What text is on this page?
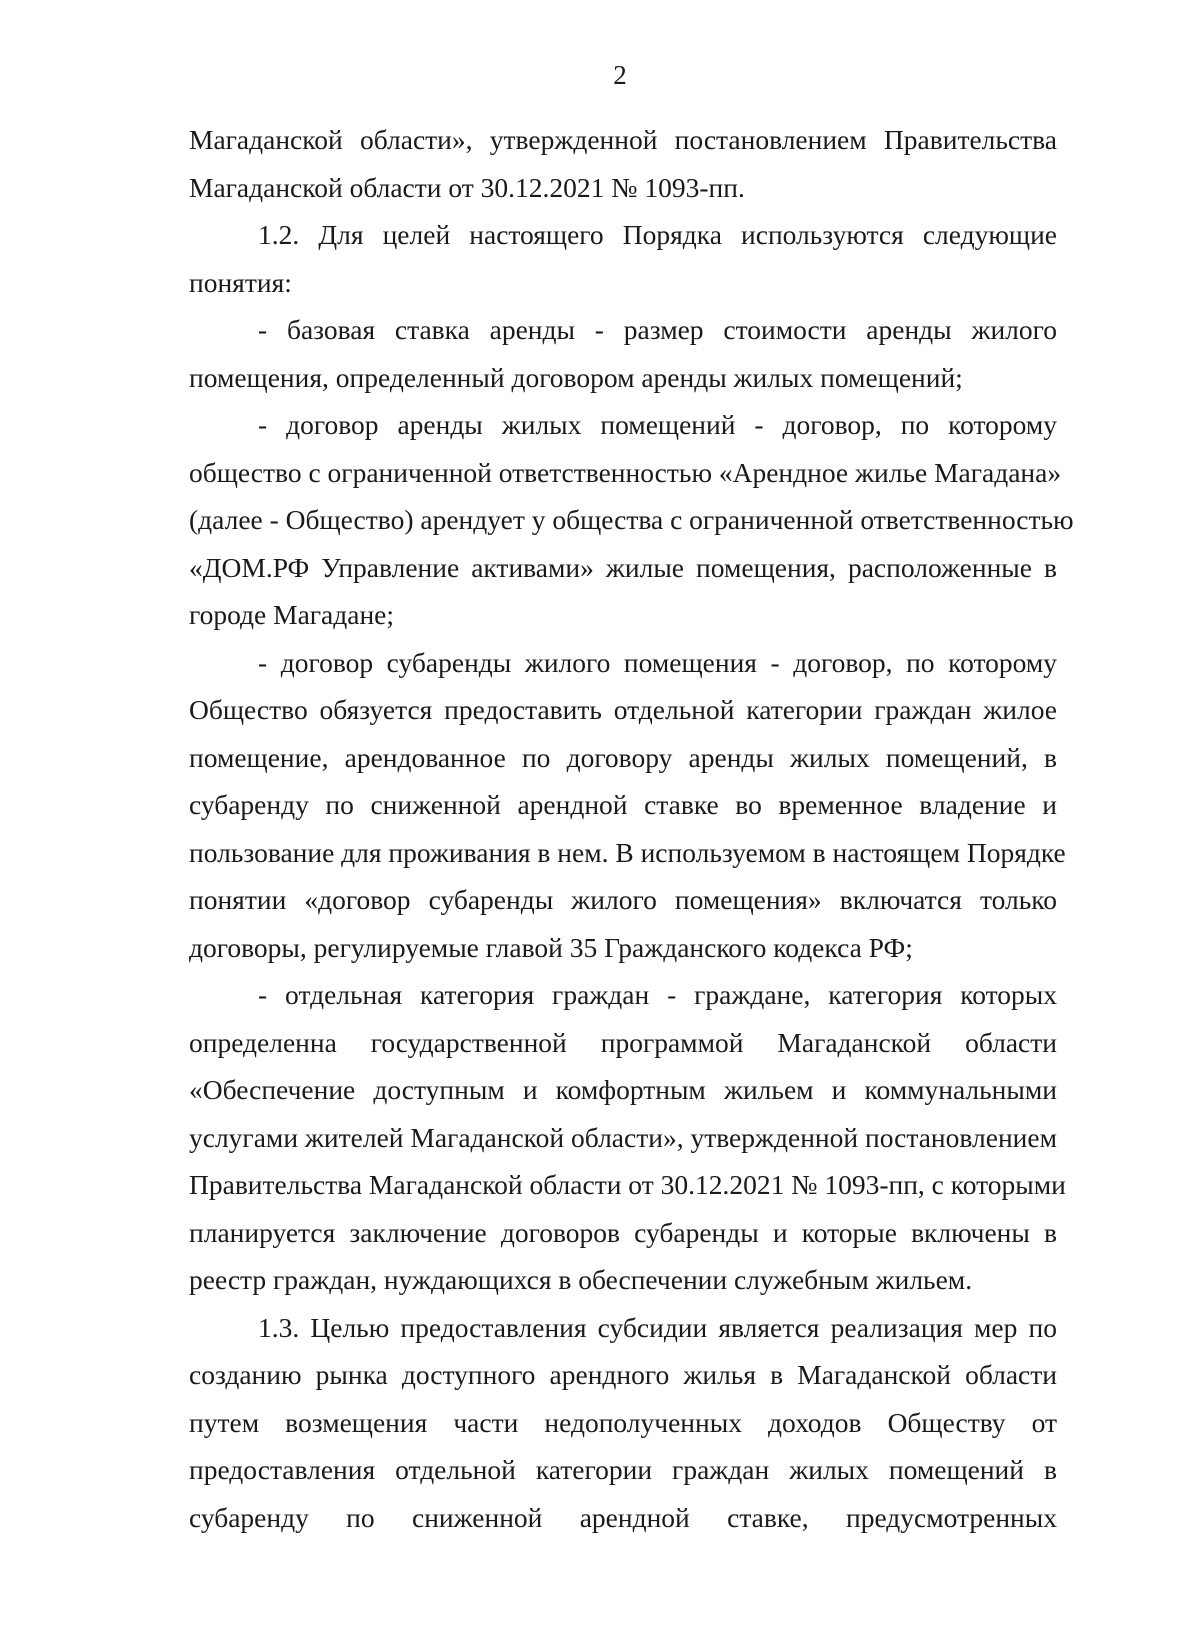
2
Магаданской области», утвержденной постановлением Правительства
Магаданской области от 30.12.2021 № 1093-пп.
1.2. Для целей настоящего Порядка используются следующие
понятия:
- базовая ставка аренды - размер стоимости аренды жилого
помещения, определенный договором аренды жилых помещений;
- договор аренды жилых помещений - договор, по которому
общество с ограниченной ответственностью «Арендное жилье Магадана»
(далее - Общество) арендует у общества с ограниченной ответственностью
«ДОМ.РФ Управление активами» жилые помещения, расположенные в
городе Магадане;
- договор субаренды жилого помещения - договор, по которому
Общество обязуется предоставить отдельной категории граждан жилое
помещение, арендованное по договору аренды жилых помещений, в
субаренду по сниженной арендной ставке во временное владение и
пользование для проживания в нем. В используемом в настоящем Порядке
понятии «договор субаренды жилого помещения» включатся только
договоры, регулируемые главой 35 Гражданского кодекса РФ;
- отдельная категория граждан - граждане, категория которых
определенна государственной программой Магаданской области
«Обеспечение доступным и комфортным жильем и коммунальными
услугами жителей Магаданской области», утвержденной постановлением
Правительства Магаданской области от 30.12.2021 № 1093-пп, с которыми
планируется заключение договоров субаренды и которые включены в
реестр граждан, нуждающихся в обеспечении служебным жильем.
1.3. Целью предоставления субсидии является реализация мер по
созданию рынка доступного арендного жилья в Магаданской области
путем возмещения части недополученных доходов Обществу от
предоставления отдельной категории граждан жилых помещений в
субаренду по сниженной арендной ставке, предусмотренных
